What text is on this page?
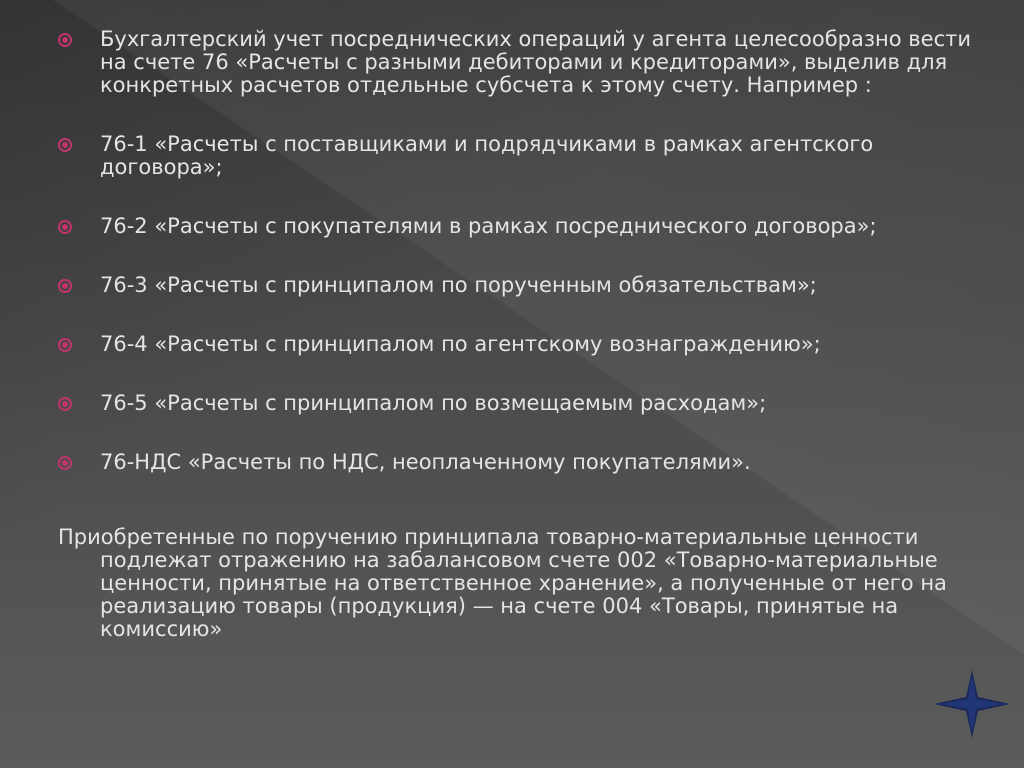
Бухгалтерский учет посреднических операций у агента целесообразно вести на счете 76 «Расчеты с разными дебиторами и кредиторами», выделив для конкретных расчетов отдельные субсчета к этому счету. Например :
76-1 «Расчеты с поставщиками и подрядчиками в рамках агентского договора»;
76-2 «Расчеты с покупателями в рамках посреднического договора»;
76-3 «Расчеты с принципалом по порученным обязательствам»;
76-4 «Расчеты с принципалом по агентскому вознаграждению»;
76-5 «Расчеты с принципалом по возмещаемым расходам»;
76-НДС «Расчеты по НДС, неоплаченному покупателями».

Приобретенные по поручению принципала товарно-материальные ценности подлежат отражению на забалансовом счете 002 «Товарно-материальные ценности, принятые на ответственное хранение», а полученные от него на реализацию товары (продукция) — на счете 004 «Товары, принятые на комиссию»
